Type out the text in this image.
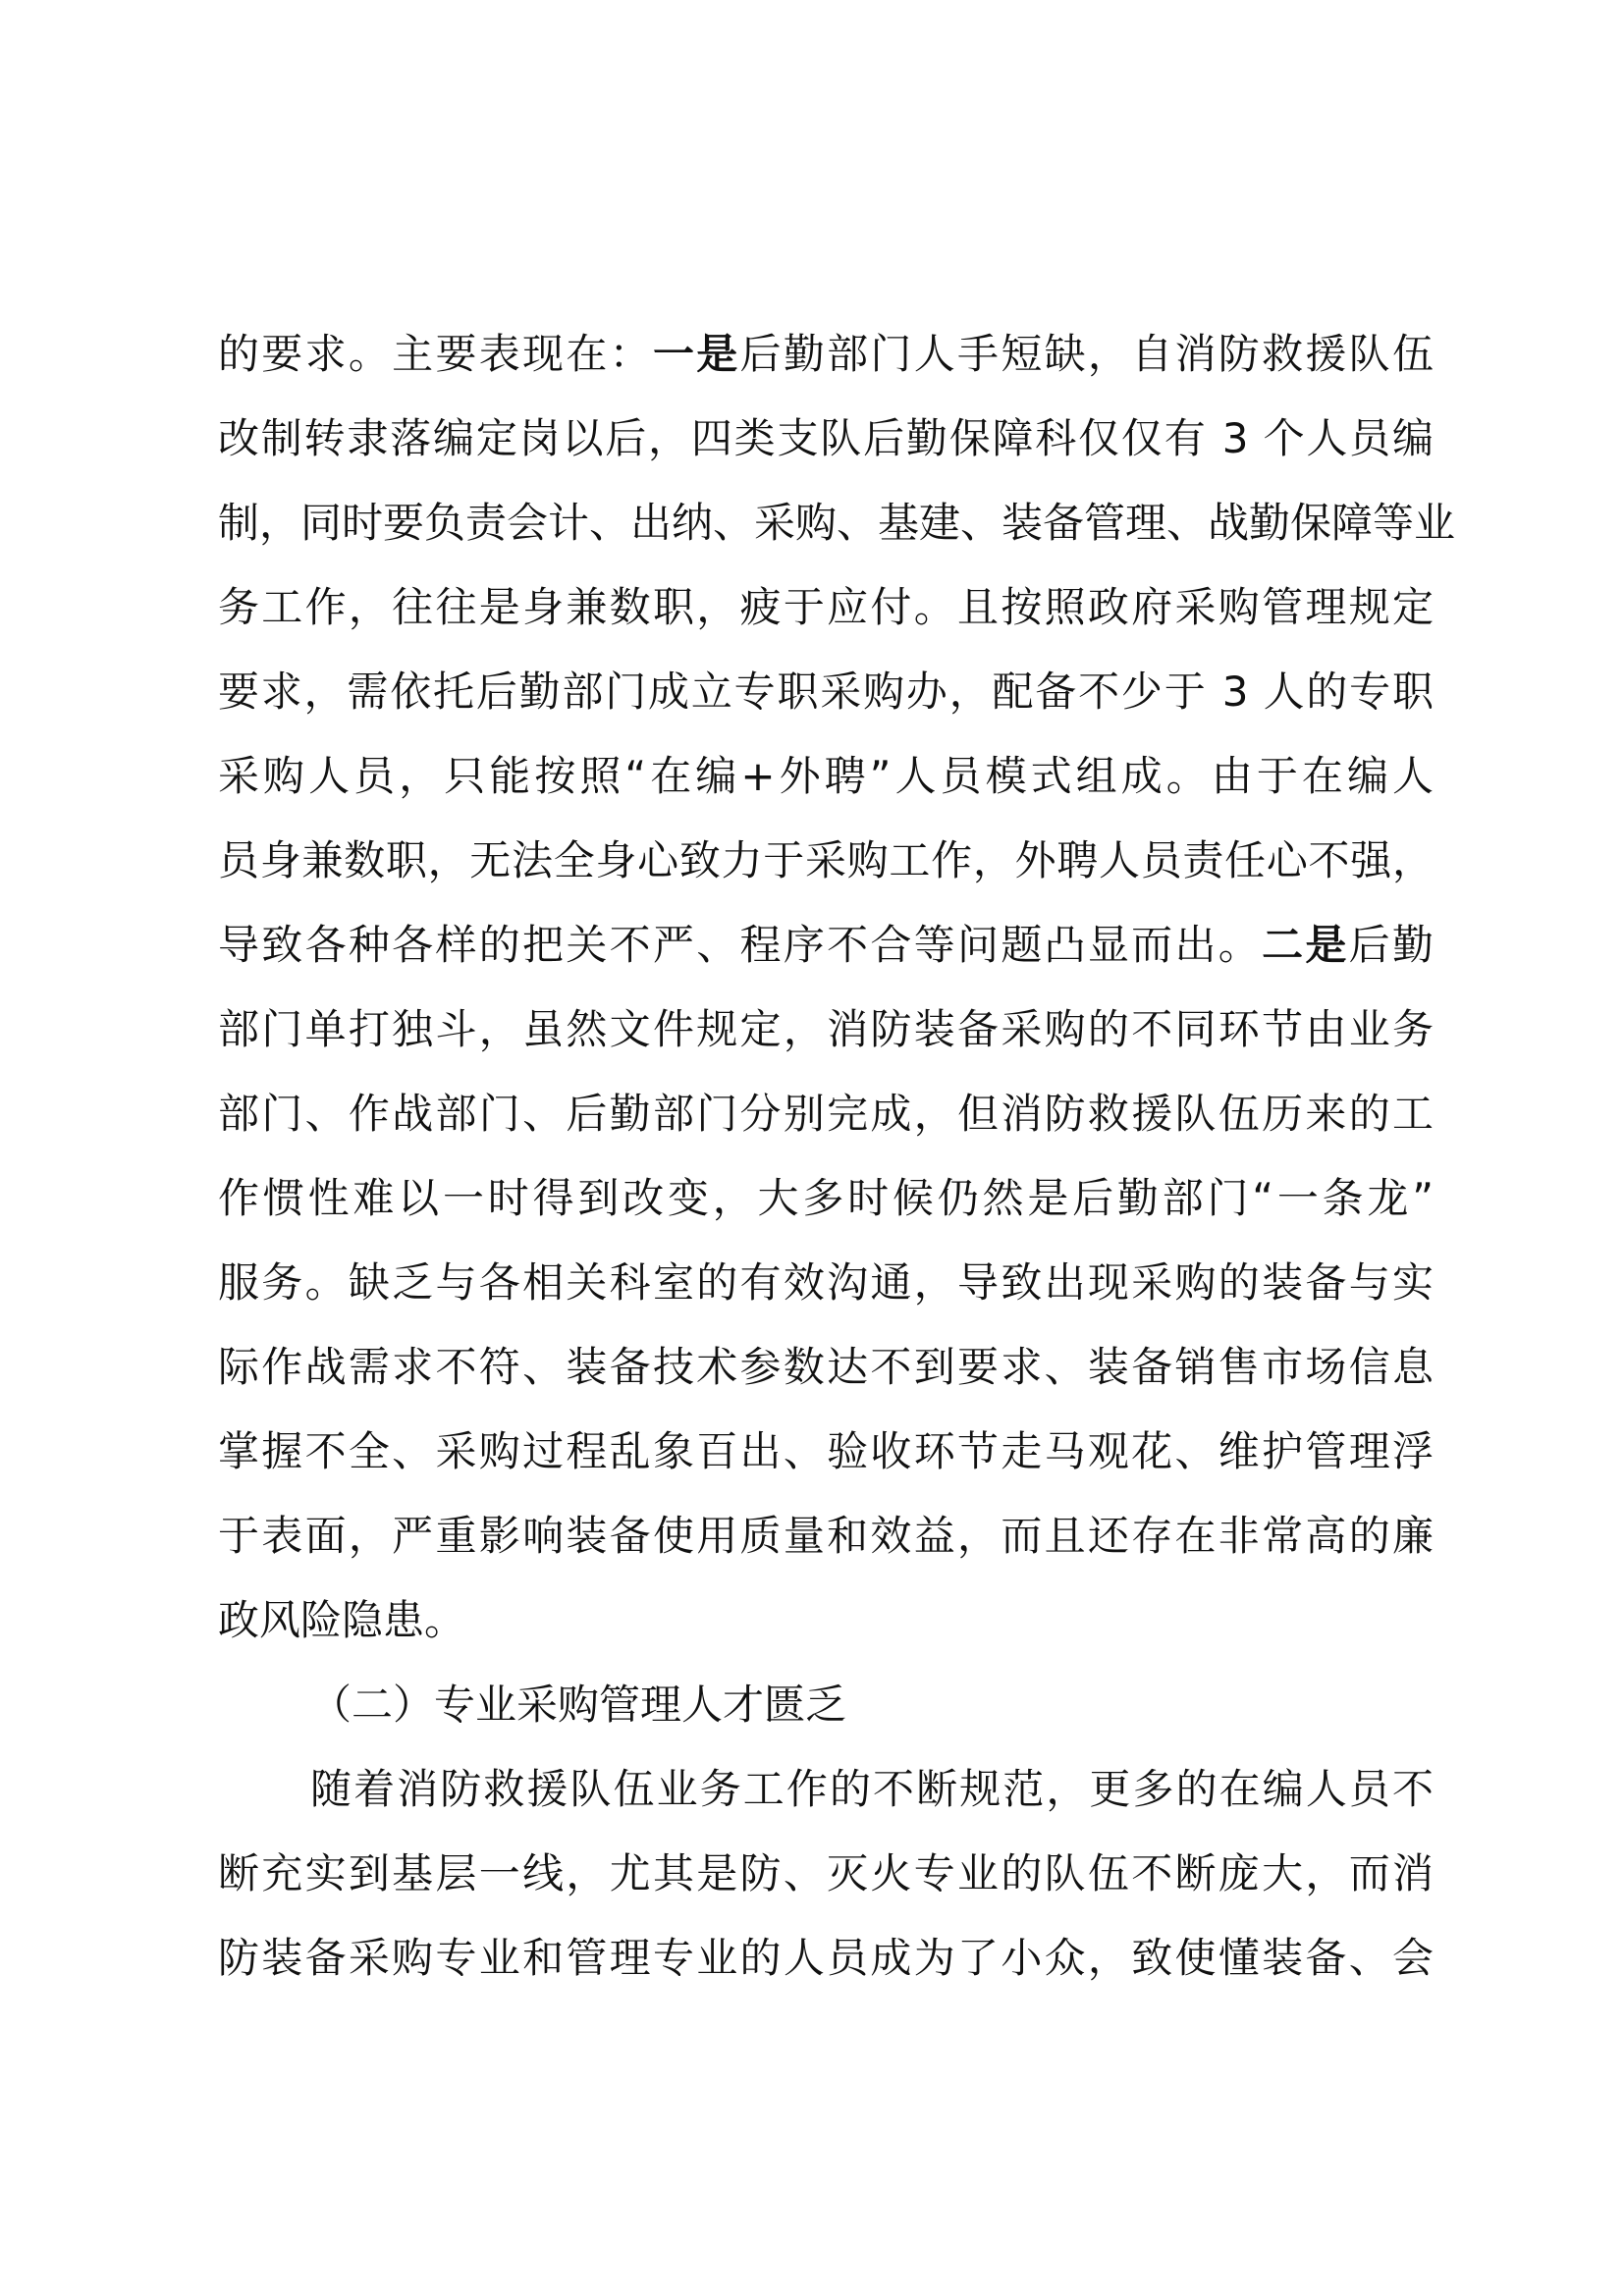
的要求。主要表现在：一是后勤部门人手短缺，自消防救援队伍
改制转隶落编定岗以后，四类支队后勤保障科仅仅有 3 个人员编
制，同时要负责会计、出纳、采购、基建、装备管理、战勤保障等业
务工作，往往是身兼数职，疲于应付。且按照政府采购管理规定
要求，需依托后勤部门成立专职采购办，配备不少于 3 人的专职
采购人员，只能按照“在编+外聘”人员模式组成。由于在编人
员身兼数职，无法全身心致力于采购工作，外聘人员责任心不强，
导致各种各样的把关不严、程序不合等问题凸显而出。二是后勤
部门单打独斗，虽然文件规定，消防装备采购的不同环节由业务
部门、作战部门、后勤部门分别完成，但消防救援队伍历来的工
作惯性难以一时得到改变，大多时候仍然是后勤部门“一条龙”
服务。缺乏与各相关科室的有效沟通，导致出现采购的装备与实
际作战需求不符、装备技术参数达不到要求、装备销售市场信息
掌握不全、采购过程乱象百出、验收环节走马观花、维护管理浮
于表面，严重影响装备使用质量和效益，而且还存在非常高的廉
政风险隐患。
（二）专业采购管理人才匮乏
随着消防救援队伍业务工作的不断规范，更多的在编人员不
断充实到基层一线，尤其是防、灭火专业的队伍不断庞大，而消
防装备采购专业和管理专业的人员成为了小众，致使懂装备、会
